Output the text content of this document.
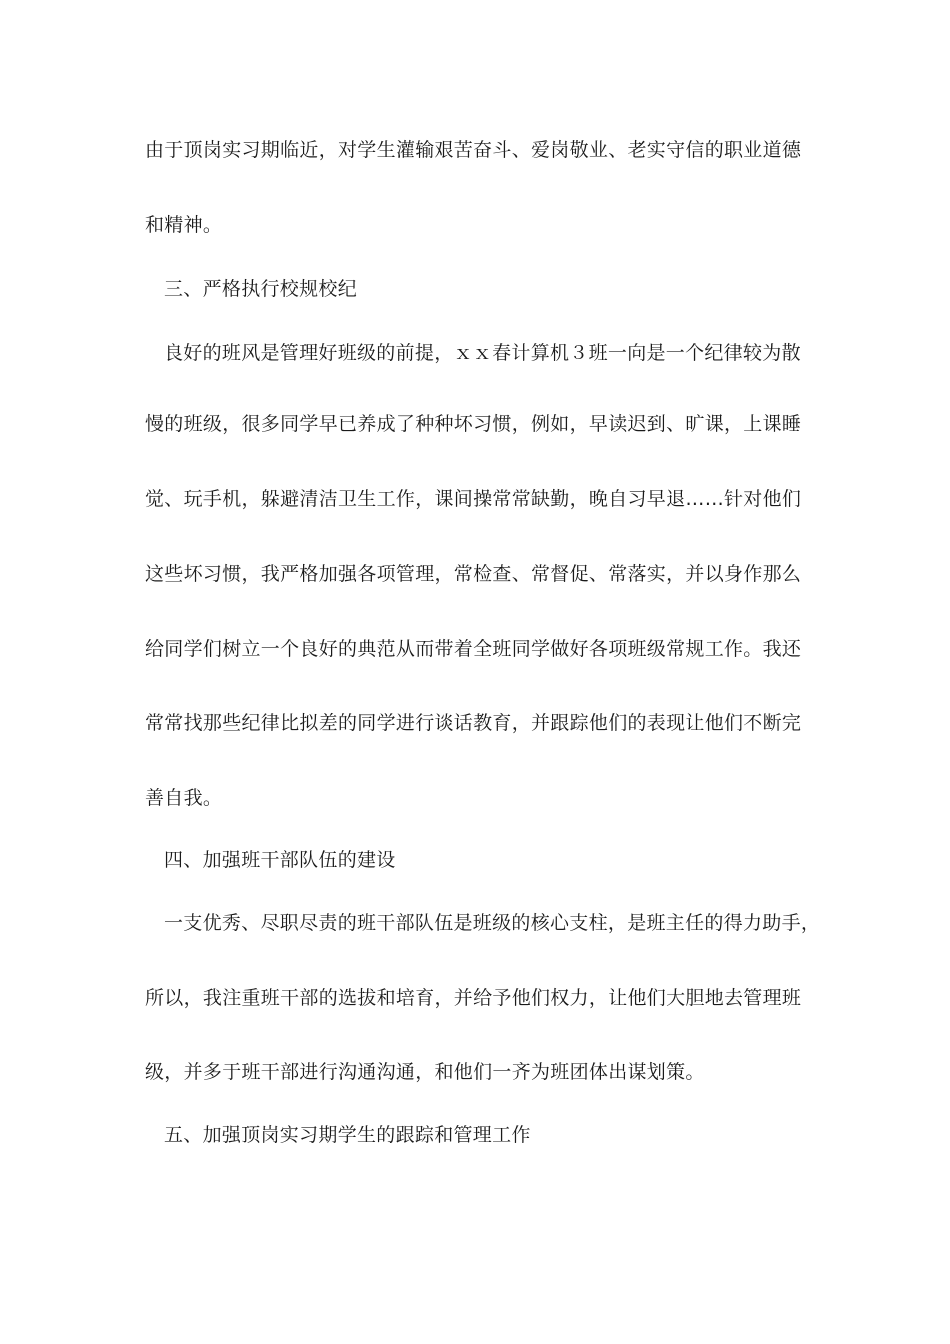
由于顶岗实习期临近，对学生灌输艰苦奋斗、爱岗敬业、老实守信的职业道德
和精神。
三、严格执行校规校纪
良好的班风是管理好班级的前提，ｘｘ春计算机３班一向是一个纪律较为散
慢的班级，很多同学早已养成了种种坏习惯，例如，早读迟到、旷课，上课睡
觉、玩手机，躲避清洁卫生工作，课间操常常缺勤，晚自习早退……针对他们
这些坏习惯，我严格加强各项管理，常检查、常督促、常落实，并以身作那么
给同学们树立一个良好的典范从而带着全班同学做好各项班级常规工作。我还
常常找那些纪律比拟差的同学进行谈话教育，并跟踪他们的表现让他们不断完
善自我。
四、加强班干部队伍的建设
一支优秀、尽职尽责的班干部队伍是班级的核心支柱，是班主任的得力助手，
所以，我注重班干部的选拔和培育，并给予他们权力，让他们大胆地去管理班
级，并多于班干部进行沟通沟通，和他们一齐为班团体出谋划策。
五、加强顶岗实习期学生的跟踪和管理工作
